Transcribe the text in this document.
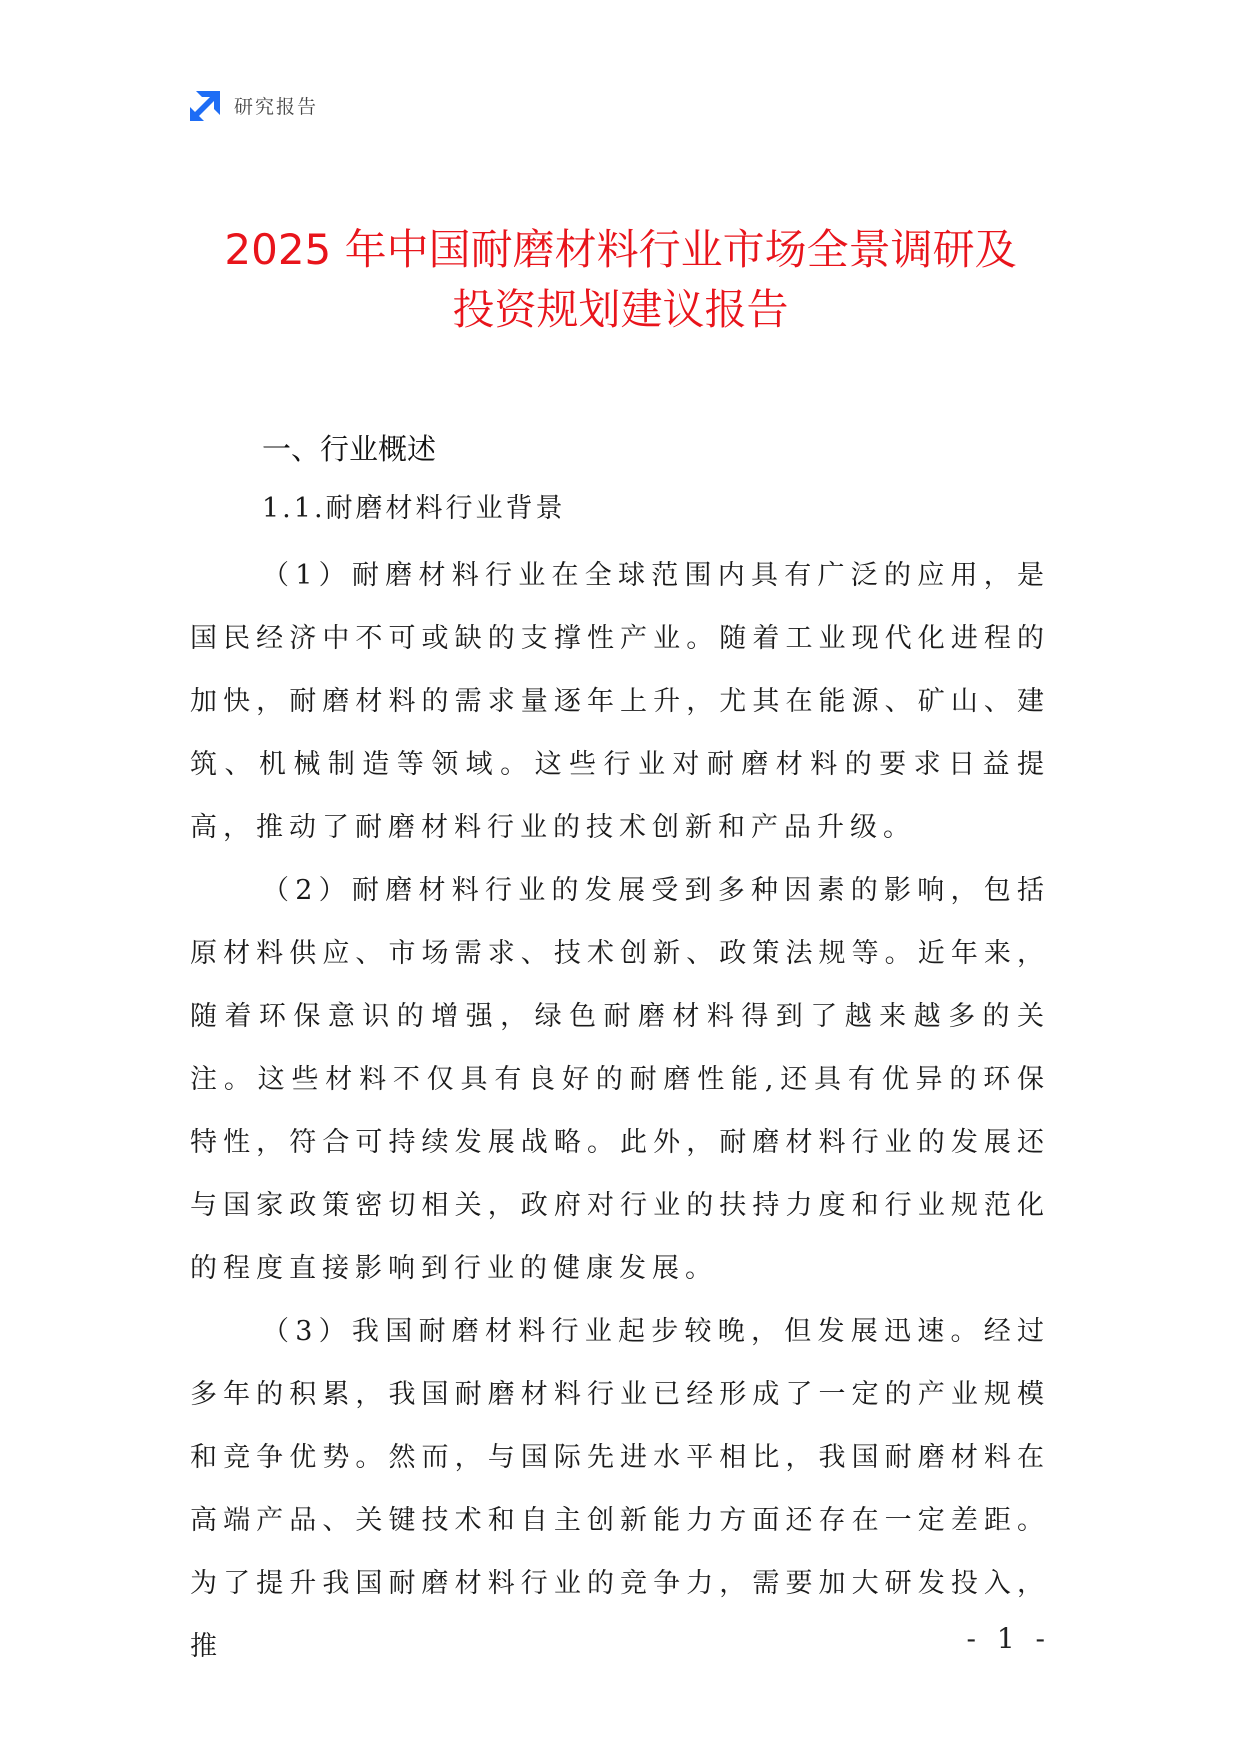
研究报告
2025 年中国耐磨材料行业市场全景调研及
投资规划建议报告
一、行业概述
1.1.耐磨材料行业背景

（1）耐磨材料行业在全球范围内具有广泛的应用，是国民经济中不可或缺的支撑性产业。随着工业现代化进程的加快，耐磨材料的需求量逐年上升，尤其在能源、矿山、建筑、机械制造等领域。这些行业对耐磨材料的要求日益提高，推动了耐磨材料行业的技术创新和产品升级。

（2）耐磨材料行业的发展受到多种因素的影响，包括原材料供应、市场需求、技术创新、政策法规等。近年来，随着环保意识的增强，绿色耐磨材料得到了越来越多的关注。这些材料不仅具有良好的耐磨性能,还具有优异的环保特性，符合可持续发展战略。此外，耐磨材料行业的发展还与国家政策密切相关，政府对行业的扶持力度和行业规范化的程度直接影响到行业的健康发展。

（3）我国耐磨材料行业起步较晚，但发展迅速。经过多年的积累，我国耐磨材料行业已经形成了一定的产业规模和竞争优势。然而，与国际先进水平相比，我国耐磨材料在高端产品、关键技术和自主创新能力方面还存在一定差距。为了提升我国耐磨材料行业的竞争力，需要加大研发投入，推	- 1 -
